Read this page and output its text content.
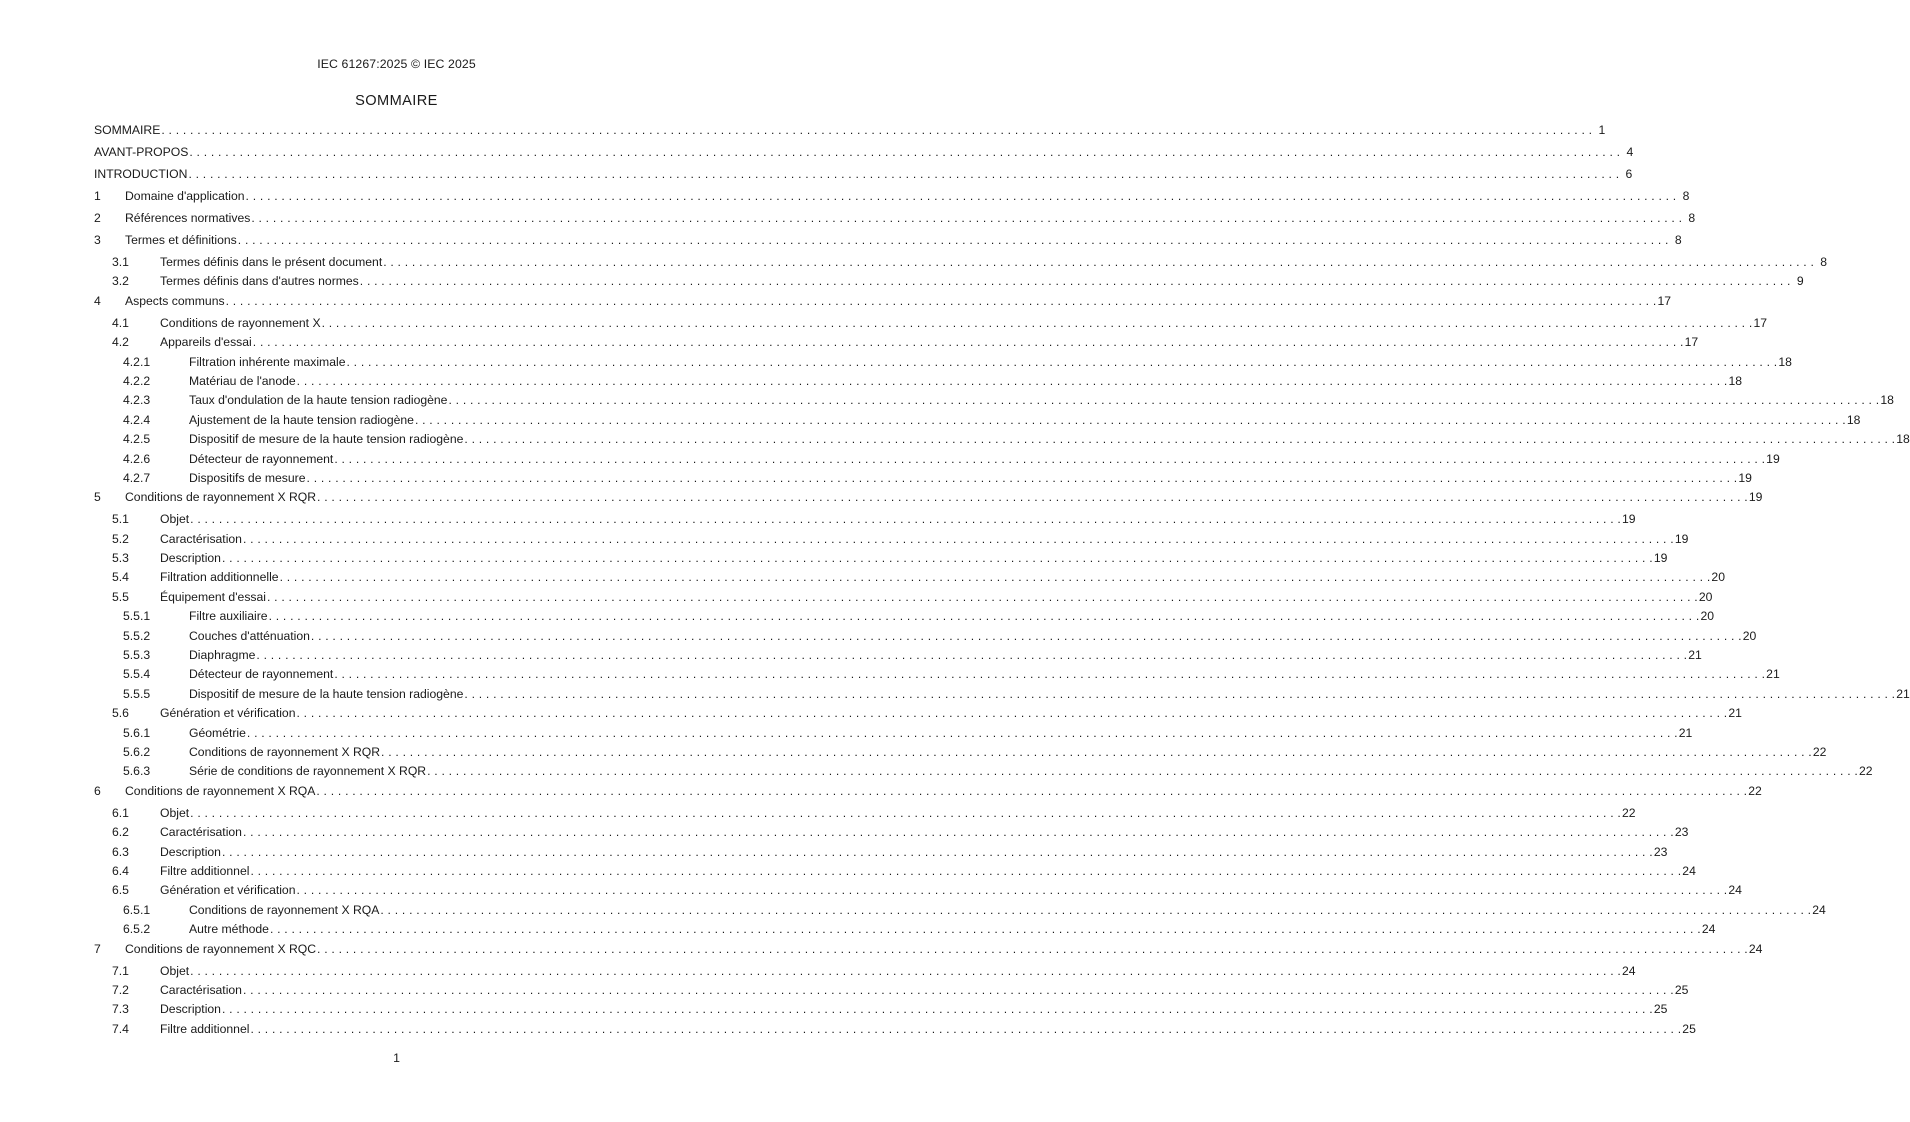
IEC 61267:2025 © IEC 2025
SOMMAIRE
SOMMAIRE . . . . . . . . . . . . . . . . . . . . . . . . . . . . . . . . . . . . . . . . . . . . . . . . . . . . . . . . . . . . . . . . . . . . . . . . . . . . . . . . . . . . . . . . . . . . . . . . . . . . . . . . . . . . . . . . . . . . . . . . . . . . . . . . . . . . . . . . . . . . . . . . . . . . . . . . . . . . . . . . . . . . . . . . . . . . . . . . . . . . . . . . . . . . . . . . . . . . . . . . 1
AVANT-PROPOS . . . . . . . . . . . . . . . . . . . . . . . . . . . . . . . . . . . . . . . . . . . . . . . . . . . . . . . . . . . . . . . . . . . . . . . . . . . . . . . . . . . . . . . . . . . . . . . . . . . . . . . . . . . . . . . . . . . . . . . . . . . . . . . . . . . . . . . . . . . . . . . . . . . . . . . . . . . . . . . . . . . . . . . . . . . . . . . . . . . . . . . . . . . . . . . . . . . . . . . . 4
INTRODUCTION . . . . . . . . . . . . . . . . . . . . . . . . . . . . . . . . . . . . . . . . . . . . . . . . . . . . . . . . . . . . . . . . . . . . . . . . . . . . . . . . . . . . . . . . . . . . . . . . . . . . . . . . . . . . . . . . . . . . . . . . . . . . . . . . . . . . . . . . . . . . . . . . . . . . . . . . . . . . . . . . . . . . . . . . . . . . . . . . . . . . . . . . . . . . . . . . . . . . . . . . 6
1	Domaine d'application . . . . . . . . . . . . . . . . . . . . . . . . . . . . . . . . . . . . . . . . . . . . . . . . . . . . . . . . . . . . . . . . . . . . . . . . . . . . . . . . . . . . . . . . . . . . . . . . . . . . . . . . . . . . . . . . . . . . . . . . . . . . . . . . . . . . . . . . . . . . . . . . . . . . . . . . . . . . . . . . . . . . . . . . . . . . . . . . . . . . . . . . . . . . . . . . . . . . . . . . 8
2	Références normatives . . . . . . . . . . . . . . . . . . . . . . . . . . . . . . . . . . . . . . . . . . . . . . . . . . . . . . . . . . . . . . . . . . . . . . . . . . . . . . . . . . . . . . . . . . . . . . . . . . . . . . . . . . . . . . . . . . . . . . . . . . . . . . . . . . . . . . . . . . . . . . . . . . . . . . . . . . . . . . . . . . . . . . . . . . . . . . . . . . . . . . . . . . . . . . . . . . . . . . . . 8
3	Termes et définitions . . . . . . . . . . . . . . . . . . . . . . . . . . . . . . . . . . . . . . . . . . . . . . . . . . . . . . . . . . . . . . . . . . . . . . . . . . . . . . . . . . . . . . . . . . . . . . . . . . . . . . . . . . . . . . . . . . . . . . . . . . . . . . . . . . . . . . . . . . . . . . . . . . . . . . . . . . . . . . . . . . . . . . . . . . . . . . . . . . . . . . . . . . . . . . . . . . . . . . . . 8
3.1	Termes définis dans le présent document . . . . . . . . . . . . . . . . . . . . . . . . . . . . . . . . . . . . . . . . . . . . . . . . . . . . . . . . . . . . . . . . . . . . . . . . . . . . . . . . . . . . . . . . . . . . . . . . . . . . . . . . . . . . . . . . . . . . . . . . . . . . . . . . . . . . . . . . . . . . . . . . . . . . . . . . . . . . . . . . . . . . . . . . . . . . . . . . . . . . . . . . . . . . . . . . . . . . . . . . 8
3.2	Termes définis dans d'autres normes . . . . . . . . . . . . . . . . . . . . . . . . . . . . . . . . . . . . . . . . . . . . . . . . . . . . . . . . . . . . . . . . . . . . . . . . . . . . . . . . . . . . . . . . . . . . . . . . . . . . . . . . . . . . . . . . . . . . . . . . . . . . . . . . . . . . . . . . . . . . . . . . . . . . . . . . . . . . . . . . . . . . . . . . . . . . . . . . . . . . . . . . . . . . . . . . . . . . . . . . 9
4	Aspects communs . . . . . . . . . . . . . . . . . . . . . . . . . . . . . . . . . . . . . . . . . . . . . . . . . . . . . . . . . . . . . . . . . . . . . . . . . . . . . . . . . . . . . . . . . . . . . . . . . . . . . . . . . . . . . . . . . . . . . . . . . . . . . . . . . . . . . . . . . . . . . . . . . . . . . . . . . . . . . . . . . . . . . . . . . . . . . . . . . . . . . . . . . . . . . . . . . . . . . . . . 17
4.1	Conditions de rayonnement X . . . . . . . . . . . . . . . . . . . . . . . . . . . . . . . . . . . . . . . . . . . . . . . . . . . . . . . . . . . . . . . . . . . . . . . . . . . . . . . . . . . . . . . . . . . . . . . . . . . . . . . . . . . . . . . . . . . . . . . . . . . . . . . . . . . . . . . . . . . . . . . . . . . . . . . . . . . . . . . . . . . . . . . . . . . . . . . . . . . . . . . . . . . . . . . . . . . . . . . . 17
4.2	Appareils d'essai . . . . . . . . . . . . . . . . . . . . . . . . . . . . . . . . . . . . . . . . . . . . . . . . . . . . . . . . . . . . . . . . . . . . . . . . . . . . . . . . . . . . . . . . . . . . . . . . . . . . . . . . . . . . . . . . . . . . . . . . . . . . . . . . . . . . . . . . . . . . . . . . . . . . . . . . . . . . . . . . . . . . . . . . . . . . . . . . . . . . . . . . . . . . . . . . . . . . . . . . 17
4.2.1	Filtration inhérente maximale . . . . . . . . . . . . . . . . . . . . . . . . . . . . . . . . . . . . . . . . . . . . . . . . . . . . . . . . . . . . . . . . . . . . . . . . . . . . . . . . . . . . . . . . . . . . . . . . . . . . . . . . . . . . . . . . . . . . . . . . . . . . . . . . . . . . . . . . . . . . . . . . . . . . . . . . . . . . . . . . . . . . . . . . . . . . . . . . . . . . . . . . . . . . . . . . . . . . . . . . 18
4.2.2	Matériau de l'anode . . . . . . . . . . . . . . . . . . . . . . . . . . . . . . . . . . . . . . . . . . . . . . . . . . . . . . . . . . . . . . . . . . . . . . . . . . . . . . . . . . . . . . . . . . . . . . . . . . . . . . . . . . . . . . . . . . . . . . . . . . . . . . . . . . . . . . . . . . . . . . . . . . . . . . . . . . . . . . . . . . . . . . . . . . . . . . . . . . . . . . . . . . . . . . . . . . . . . . . . 18
4.2.3	Taux d'ondulation de la haute tension radiogène . . . . . . . . . . . . . . . . . . . . . . . . . . . . . . . . . . . . . . . . . . . . . . . . . . . . . . . . . . . . . . . . . . . . . . . . . . . . . . . . . . . . . . . . . . . . . . . . . . . . . . . . . . . . . . . . . . . . . . . . . . . . . . . . . . . . . . . . . . . . . . . . . . . . . . . . . . . . . . . . . . . . . . . . . . . . . . . . . . . . . . . . . . . . . . . . . . . . . . . . 18
4.2.4	Ajustement de la haute tension radiogène . . . . . . . . . . . . . . . . . . . . . . . . . . . . . . . . . . . . . . . . . . . . . . . . . . . . . . . . . . . . . . . . . . . . . . . . . . . . . . . . . . . . . . . . . . . . . . . . . . . . . . . . . . . . . . . . . . . . . . . . . . . . . . . . . . . . . . . . . . . . . . . . . . . . . . . . . . . . . . . . . . . . . . . . . . . . . . . . . . . . . . . . . . . . . . . . . . . . . . . . 18
4.2.5	Dispositif de mesure de la haute tension radiogène . . . . . . . . . . . . . . . . . . . . . . . . . . . . . . . . . . . . . . . . . . . . . . . . . . . . . . . . . . . . . . . . . . . . . . . . . . . . . . . . . . . . . . . . . . . . . . . . . . . . . . . . . . . . . . . . . . . . . . . . . . . . . . . . . . . . . . . . . . . . . . . . . . . . . . . . . . . . . . . . . . . . . . . . . . . . . . . . . . . . . . . . . . . . . . . . . . . . . . . . 18
4.2.6	Détecteur de rayonnement . . . . . . . . . . . . . . . . . . . . . . . . . . . . . . . . . . . . . . . . . . . . . . . . . . . . . . . . . . . . . . . . . . . . . . . . . . . . . . . . . . . . . . . . . . . . . . . . . . . . . . . . . . . . . . . . . . . . . . . . . . . . . . . . . . . . . . . . . . . . . . . . . . . . . . . . . . . . . . . . . . . . . . . . . . . . . . . . . . . . . . . . . . . . . . . . . . . . . . . . 19
4.2.7	Dispositifs de mesure . . . . . . . . . . . . . . . . . . . . . . . . . . . . . . . . . . . . . . . . . . . . . . . . . . . . . . . . . . . . . . . . . . . . . . . . . . . . . . . . . . . . . . . . . . . . . . . . . . . . . . . . . . . . . . . . . . . . . . . . . . . . . . . . . . . . . . . . . . . . . . . . . . . . . . . . . . . . . . . . . . . . . . . . . . . . . . . . . . . . . . . . . . . . . . . . . . . . . . . . 19
5	Conditions de rayonnement X RQR . . . . . . . . . . . . . . . . . . . . . . . . . . . . . . . . . . . . . . . . . . . . . . . . . . . . . . . . . . . . . . . . . . . . . . . . . . . . . . . . . . . . . . . . . . . . . . . . . . . . . . . . . . . . . . . . . . . . . . . . . . . . . . . . . . . . . . . . . . . . . . . . . . . . . . . . . . . . . . . . . . . . . . . . . . . . . . . . . . . . . . . . . . . . . . . . . . . . . . . . 19
5.1	Objet . . . . . . . . . . . . . . . . . . . . . . . . . . . . . . . . . . . . . . . . . . . . . . . . . . . . . . . . . . . . . . . . . . . . . . . . . . . . . . . . . . . . . . . . . . . . . . . . . . . . . . . . . . . . . . . . . . . . . . . . . . . . . . . . . . . . . . . . . . . . . . . . . . . . . . . . . . . . . . . . . . . . . . . . . . . . . . . . . . . . . . . . . . . . . . . . . . . . . . . . 19
5.2	Caractérisation . . . . . . . . . . . . . . . . . . . . . . . . . . . . . . . . . . . . . . . . . . . . . . . . . . . . . . . . . . . . . . . . . . . . . . . . . . . . . . . . . . . . . . . . . . . . . . . . . . . . . . . . . . . . . . . . . . . . . . . . . . . . . . . . . . . . . . . . . . . . . . . . . . . . . . . . . . . . . . . . . . . . . . . . . . . . . . . . . . . . . . . . . . . . . . . . . . . . . . . . 19
5.3	Description . . . . . . . . . . . . . . . . . . . . . . . . . . . . . . . . . . . . . . . . . . . . . . . . . . . . . . . . . . . . . . . . . . . . . . . . . . . . . . . . . . . . . . . . . . . . . . . . . . . . . . . . . . . . . . . . . . . . . . . . . . . . . . . . . . . . . . . . . . . . . . . . . . . . . . . . . . . . . . . . . . . . . . . . . . . . . . . . . . . . . . . . . . . . . . . . . . . . . . . . 19
5.4	Filtration additionnelle . . . . . . . . . . . . . . . . . . . . . . . . . . . . . . . . . . . . . . . . . . . . . . . . . . . . . . . . . . . . . . . . . . . . . . . . . . . . . . . . . . . . . . . . . . . . . . . . . . . . . . . . . . . . . . . . . . . . . . . . . . . . . . . . . . . . . . . . . . . . . . . . . . . . . . . . . . . . . . . . . . . . . . . . . . . . . . . . . . . . . . . . . . . . . . . . . . . . . . . . 20
5.5	Équipement d'essai . . . . . . . . . . . . . . . . . . . . . . . . . . . . . . . . . . . . . . . . . . . . . . . . . . . . . . . . . . . . . . . . . . . . . . . . . . . . . . . . . . . . . . . . . . . . . . . . . . . . . . . . . . . . . . . . . . . . . . . . . . . . . . . . . . . . . . . . . . . . . . . . . . . . . . . . . . . . . . . . . . . . . . . . . . . . . . . . . . . . . . . . . . . . . . . . . . . . . . . . 20
5.5.1	Filtre auxiliaire . . . . . . . . . . . . . . . . . . . . . . . . . . . . . . . . . . . . . . . . . . . . . . . . . . . . . . . . . . . . . . . . . . . . . . . . . . . . . . . . . . . . . . . . . . . . . . . . . . . . . . . . . . . . . . . . . . . . . . . . . . . . . . . . . . . . . . . . . . . . . . . . . . . . . . . . . . . . . . . . . . . . . . . . . . . . . . . . . . . . . . . . . . . . . . . . . . . . . . . . 20
5.5.2	Couches d'atténuation . . . . . . . . . . . . . . . . . . . . . . . . . . . . . . . . . . . . . . . . . . . . . . . . . . . . . . . . . . . . . . . . . . . . . . . . . . . . . . . . . . . . . . . . . . . . . . . . . . . . . . . . . . . . . . . . . . . . . . . . . . . . . . . . . . . . . . . . . . . . . . . . . . . . . . . . . . . . . . . . . . . . . . . . . . . . . . . . . . . . . . . . . . . . . . . . . . . . . . . . 20
5.5.3	Diaphragme . . . . . . . . . . . . . . . . . . . . . . . . . . . . . . . . . . . . . . . . . . . . . . . . . . . . . . . . . . . . . . . . . . . . . . . . . . . . . . . . . . . . . . . . . . . . . . . . . . . . . . . . . . . . . . . . . . . . . . . . . . . . . . . . . . . . . . . . . . . . . . . . . . . . . . . . . . . . . . . . . . . . . . . . . . . . . . . . . . . . . . . . . . . . . . . . . . . . . . . . 21
5.5.4	Détecteur de rayonnement . . . . . . . . . . . . . . . . . . . . . . . . . . . . . . . . . . . . . . . . . . . . . . . . . . . . . . . . . . . . . . . . . . . . . . . . . . . . . . . . . . . . . . . . . . . . . . . . . . . . . . . . . . . . . . . . . . . . . . . . . . . . . . . . . . . . . . . . . . . . . . . . . . . . . . . . . . . . . . . . . . . . . . . . . . . . . . . . . . . . . . . . . . . . . . . . . . . . . . . . 21
5.5.5	Dispositif de mesure de la haute tension radiogène . . . . . . . . . . . . . . . . . . . . . . . . . . . . . . . . . . . . . . . . . . . . . . . . . . . . . . . . . . . . . . . . . . . . . . . . . . . . . . . . . . . . . . . . . . . . . . . . . . . . . . . . . . . . . . . . . . . . . . . . . . . . . . . . . . . . . . . . . . . . . . . . . . . . . . . . . . . . . . . . . . . . . . . . . . . . . . . . . . . . . . . . . . . . . . . . . . . . . . . . 21
5.6	Génération et vérification . . . . . . . . . . . . . . . . . . . . . . . . . . . . . . . . . . . . . . . . . . . . . . . . . . . . . . . . . . . . . . . . . . . . . . . . . . . . . . . . . . . . . . . . . . . . . . . . . . . . . . . . . . . . . . . . . . . . . . . . . . . . . . . . . . . . . . . . . . . . . . . . . . . . . . . . . . . . . . . . . . . . . . . . . . . . . . . . . . . . . . . . . . . . . . . . . . . . . . . . 21
5.6.1	Géométrie . . . . . . . . . . . . . . . . . . . . . . . . . . . . . . . . . . . . . . . . . . . . . . . . . . . . . . . . . . . . . . . . . . . . . . . . . . . . . . . . . . . . . . . . . . . . . . . . . . . . . . . . . . . . . . . . . . . . . . . . . . . . . . . . . . . . . . . . . . . . . . . . . . . . . . . . . . . . . . . . . . . . . . . . . . . . . . . . . . . . . . . . . . . . . . . . . . . . . . . . 21
5.6.2	Conditions de rayonnement X RQR . . . . . . . . . . . . . . . . . . . . . . . . . . . . . . . . . . . . . . . . . . . . . . . . . . . . . . . . . . . . . . . . . . . . . . . . . . . . . . . . . . . . . . . . . . . . . . . . . . . . . . . . . . . . . . . . . . . . . . . . . . . . . . . . . . . . . . . . . . . . . . . . . . . . . . . . . . . . . . . . . . . . . . . . . . . . . . . . . . . . . . . . . . . . . . . . . . . . . . . . 22
5.6.3	Série de conditions de rayonnement X RQR . . . . . . . . . . . . . . . . . . . . . . . . . . . . . . . . . . . . . . . . . . . . . . . . . . . . . . . . . . . . . . . . . . . . . . . . . . . . . . . . . . . . . . . . . . . . . . . . . . . . . . . . . . . . . . . . . . . . . . . . . . . . . . . . . . . . . . . . . . . . . . . . . . . . . . . . . . . . . . . . . . . . . . . . . . . . . . . . . . . . . . . . . . . . . . . . . . . . . . . . 22
6	Conditions de rayonnement X RQA . . . . . . . . . . . . . . . . . . . . . . . . . . . . . . . . . . . . . . . . . . . . . . . . . . . . . . . . . . . . . . . . . . . . . . . . . . . . . . . . . . . . . . . . . . . . . . . . . . . . . . . . . . . . . . . . . . . . . . . . . . . . . . . . . . . . . . . . . . . . . . . . . . . . . . . . . . . . . . . . . . . . . . . . . . . . . . . . . . . . . . . . . . . . . . . . . . . . . . . . 22
6.1	Objet . . . . . . . . . . . . . . . . . . . . . . . . . . . . . . . . . . . . . . . . . . . . . . . . . . . . . . . . . . . . . . . . . . . . . . . . . . . . . . . . . . . . . . . . . . . . . . . . . . . . . . . . . . . . . . . . . . . . . . . . . . . . . . . . . . . . . . . . . . . . . . . . . . . . . . . . . . . . . . . . . . . . . . . . . . . . . . . . . . . . . . . . . . . . . . . . . . . . . . . . 22
6.2	Caractérisation . . . . . . . . . . . . . . . . . . . . . . . . . . . . . . . . . . . . . . . . . . . . . . . . . . . . . . . . . . . . . . . . . . . . . . . . . . . . . . . . . . . . . . . . . . . . . . . . . . . . . . . . . . . . . . . . . . . . . . . . . . . . . . . . . . . . . . . . . . . . . . . . . . . . . . . . . . . . . . . . . . . . . . . . . . . . . . . . . . . . . . . . . . . . . . . . . . . . . . . . 23
6.3	Description . . . . . . . . . . . . . . . . . . . . . . . . . . . . . . . . . . . . . . . . . . . . . . . . . . . . . . . . . . . . . . . . . . . . . . . . . . . . . . . . . . . . . . . . . . . . . . . . . . . . . . . . . . . . . . . . . . . . . . . . . . . . . . . . . . . . . . . . . . . . . . . . . . . . . . . . . . . . . . . . . . . . . . . . . . . . . . . . . . . . . . . . . . . . . . . . . . . . . . . . 23
6.4	Filtre additionnel . . . . . . . . . . . . . . . . . . . . . . . . . . . . . . . . . . . . . . . . . . . . . . . . . . . . . . . . . . . . . . . . . . . . . . . . . . . . . . . . . . . . . . . . . . . . . . . . . . . . . . . . . . . . . . . . . . . . . . . . . . . . . . . . . . . . . . . . . . . . . . . . . . . . . . . . . . . . . . . . . . . . . . . . . . . . . . . . . . . . . . . . . . . . . . . . . . . . . . . . 24
6.5	Génération et vérification . . . . . . . . . . . . . . . . . . . . . . . . . . . . . . . . . . . . . . . . . . . . . . . . . . . . . . . . . . . . . . . . . . . . . . . . . . . . . . . . . . . . . . . . . . . . . . . . . . . . . . . . . . . . . . . . . . . . . . . . . . . . . . . . . . . . . . . . . . . . . . . . . . . . . . . . . . . . . . . . . . . . . . . . . . . . . . . . . . . . . . . . . . . . . . . . . . . . . . . . 24
6.5.1	Conditions de rayonnement X RQA . . . . . . . . . . . . . . . . . . . . . . . . . . . . . . . . . . . . . . . . . . . . . . . . . . . . . . . . . . . . . . . . . . . . . . . . . . . . . . . . . . . . . . . . . . . . . . . . . . . . . . . . . . . . . . . . . . . . . . . . . . . . . . . . . . . . . . . . . . . . . . . . . . . . . . . . . . . . . . . . . . . . . . . . . . . . . . . . . . . . . . . . . . . . . . . . . . . . . . . . 24
6.5.2	Autre méthode . . . . . . . . . . . . . . . . . . . . . . . . . . . . . . . . . . . . . . . . . . . . . . . . . . . . . . . . . . . . . . . . . . . . . . . . . . . . . . . . . . . . . . . . . . . . . . . . . . . . . . . . . . . . . . . . . . . . . . . . . . . . . . . . . . . . . . . . . . . . . . . . . . . . . . . . . . . . . . . . . . . . . . . . . . . . . . . . . . . . . . . . . . . . . . . . . . . . . . . . 24
7	Conditions de rayonnement X RQC . . . . . . . . . . . . . . . . . . . . . . . . . . . . . . . . . . . . . . . . . . . . . . . . . . . . . . . . . . . . . . . . . . . . . . . . . . . . . . . . . . . . . . . . . . . . . . . . . . . . . . . . . . . . . . . . . . . . . . . . . . . . . . . . . . . . . . . . . . . . . . . . . . . . . . . . . . . . . . . . . . . . . . . . . . . . . . . . . . . . . . . . . . . . . . . . . . . . . . . . 24
7.1	Objet . . . . . . . . . . . . . . . . . . . . . . . . . . . . . . . . . . . . . . . . . . . . . . . . . . . . . . . . . . . . . . . . . . . . . . . . . . . . . . . . . . . . . . . . . . . . . . . . . . . . . . . . . . . . . . . . . . . . . . . . . . . . . . . . . . . . . . . . . . . . . . . . . . . . . . . . . . . . . . . . . . . . . . . . . . . . . . . . . . . . . . . . . . . . . . . . . . . . . . . . 24
7.2	Caractérisation . . . . . . . . . . . . . . . . . . . . . . . . . . . . . . . . . . . . . . . . . . . . . . . . . . . . . . . . . . . . . . . . . . . . . . . . . . . . . . . . . . . . . . . . . . . . . . . . . . . . . . . . . . . . . . . . . . . . . . . . . . . . . . . . . . . . . . . . . . . . . . . . . . . . . . . . . . . . . . . . . . . . . . . . . . . . . . . . . . . . . . . . . . . . . . . . . . . . . . . . 25
7.3	Description . . . . . . . . . . . . . . . . . . . . . . . . . . . . . . . . . . . . . . . . . . . . . . . . . . . . . . . . . . . . . . . . . . . . . . . . . . . . . . . . . . . . . . . . . . . . . . . . . . . . . . . . . . . . . . . . . . . . . . . . . . . . . . . . . . . . . . . . . . . . . . . . . . . . . . . . . . . . . . . . . . . . . . . . . . . . . . . . . . . . . . . . . . . . . . . . . . . . . . . . 25
7.4	Filtre additionnel . . . . . . . . . . . . . . . . . . . . . . . . . . . . . . . . . . . . . . . . . . . . . . . . . . . . . . . . . . . . . . . . . . . . . . . . . . . . . . . . . . . . . . . . . . . . . . . . . . . . . . . . . . . . . . . . . . . . . . . . . . . . . . . . . . . . . . . . . . . . . . . . . . . . . . . . . . . . . . . . . . . . . . . . . . . . . . . . . . . . . . . . . . . . . . . . . . . . . . . . 25
1
